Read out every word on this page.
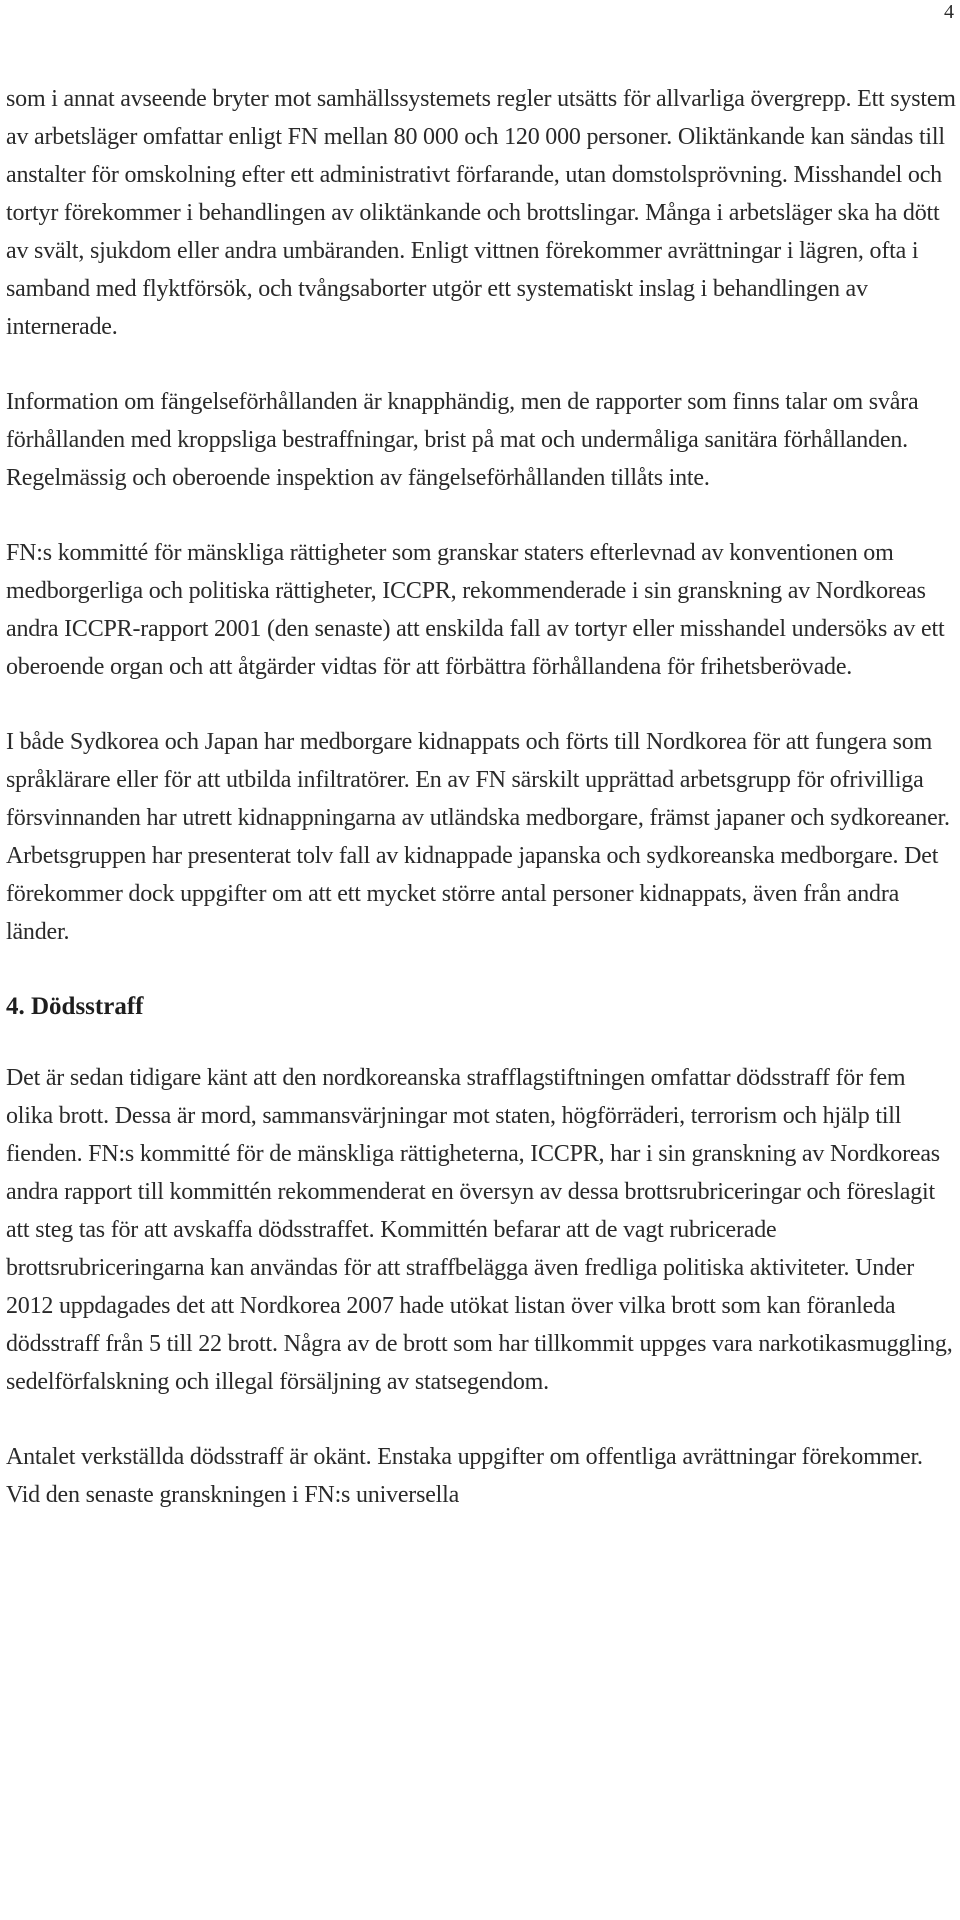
4

som i annat avseende bryter mot samhällssystemets regler utsätts för allvarliga övergrepp. Ett system av arbetsläger omfattar enligt FN mellan 80 000 och 120 000 personer. Oliktänkande kan sändas till anstalter för omskolning efter ett administrativt förfarande, utan domstolsprövning. Misshandel och tortyr förekommer i behandlingen av oliktänkande och brottslingar. Många i arbetsläger ska ha dött av svält, sjukdom eller andra umbäranden. Enligt vittnen förekommer avrättningar i lägren, ofta i samband med flyktförsök, och tvångsaborter utgör ett systematiskt inslag i behandlingen av internerade.

Information om fängelseförhållanden är knapphändig, men de rapporter som finns talar om svåra förhållanden med kroppsliga bestraffningar, brist på mat och undermåliga sanitära förhållanden. Regelmässig och oberoende inspektion av fängelseförhållanden tillåts inte.

FN:s kommitté för mänskliga rättigheter som granskar staters efterlevnad av konventionen om medborgerliga och politiska rättigheter, ICCPR, rekommenderade i sin granskning av Nordkoreas andra ICCPR-rapport 2001 (den senaste) att enskilda fall av tortyr eller misshandel undersöks av ett oberoende organ och att åtgärder vidtas för att förbättra förhållandena för frihetsberövade.

I både Sydkorea och Japan har medborgare kidnappats och förts till Nordkorea för att fungera som språklärare eller för att utbilda infiltratörer. En av FN särskilt upprättad arbetsgrupp för ofrivilliga försvinnanden har utrett kidnappningarna av utländska medborgare, främst japaner och sydkoreaner. Arbetsgruppen har presenterat tolv fall av kidnappade japanska och sydkoreanska medborgare. Det förekommer dock uppgifter om att ett mycket större antal personer kidnappats, även från andra länder.

4. Dödsstraff

Det är sedan tidigare känt att den nordkoreanska strafflagstiftningen omfattar dödsstraff för fem olika brott. Dessa är mord, sammansvärjningar mot staten, högförräderi, terrorism och hjälp till fienden. FN:s kommitté för de mänskliga rättigheterna, ICCPR, har i sin granskning av Nordkoreas andra rapport till kommittén rekommenderat en översyn av dessa brottsrubriceringar och föreslagit att steg tas för att avskaffa dödsstraffet. Kommittén befarar att de vagt rubricerade brottsrubriceringarna kan användas för att straffbelägga även fredliga politiska aktiviteter. Under 2012 uppdagades det att Nordkorea 2007 hade utökat listan över vilka brott som kan föranleda dödsstraff från 5 till 22 brott. Några av de brott som har tillkommit uppges vara narkotikasmuggling, sedelförfalskning och illegal försäljning av statsegendom.

Antalet verkställda dödsstraff är okänt. Enstaka uppgifter om offentliga avrättningar förekommer. Vid den senaste granskningen i FN:s universella
